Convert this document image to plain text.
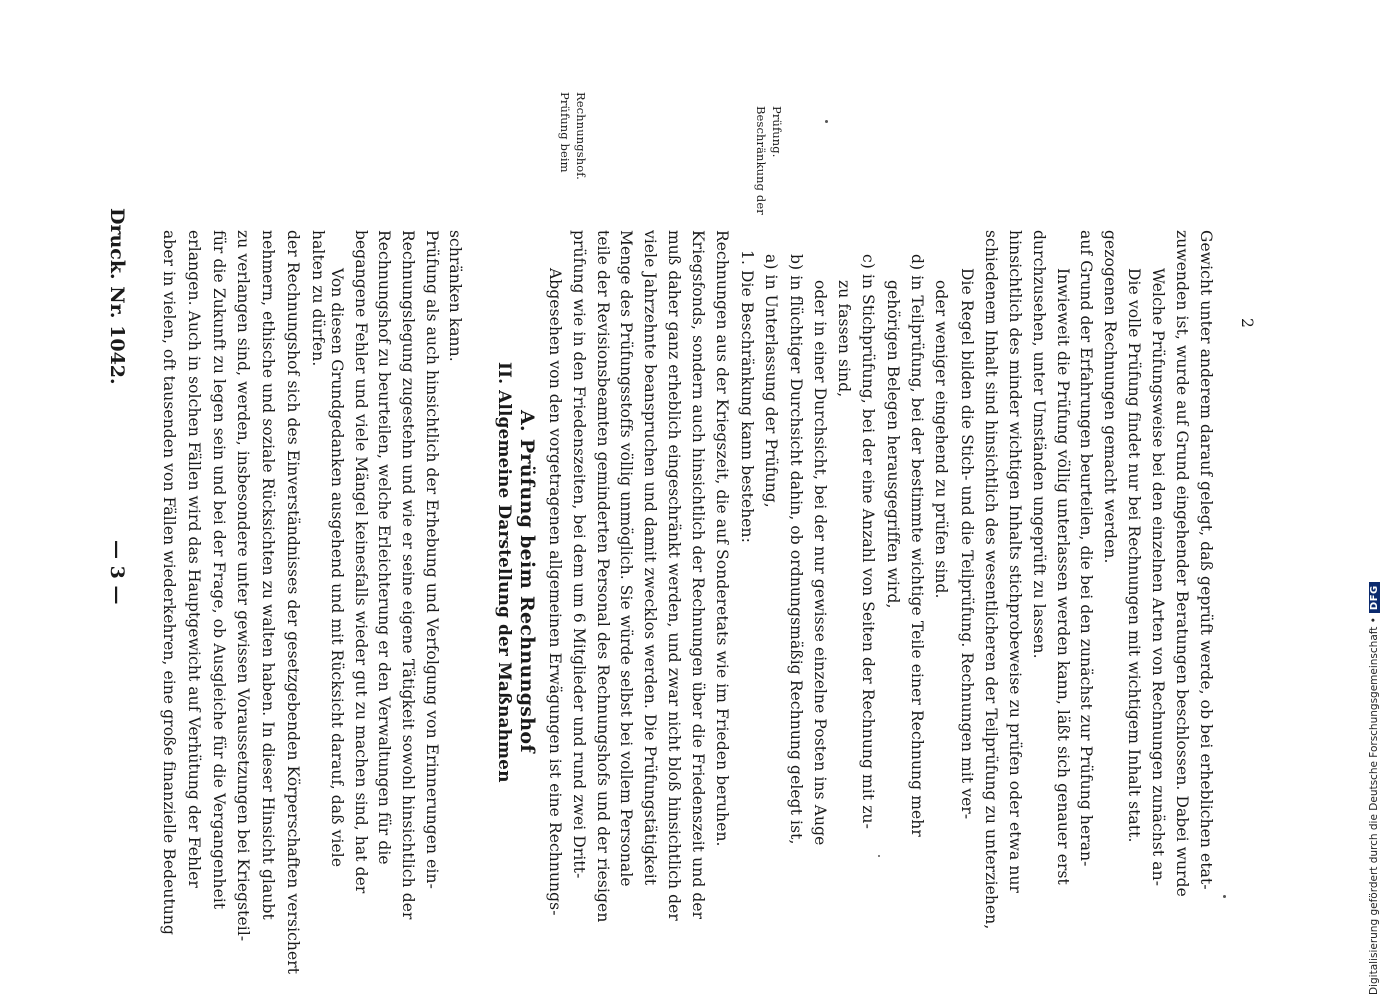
— 3 —
Druck. Nr. 1042. aber in vielen, oft tausenden von Fällen wiederkehren, eine große finanzielle Bedeutung erlangen. Auch in solchen Fällen wird das Hauptgewicht auf Verhütung der Fehler für die Zukunft zu legen sein und bei der Frage, ob Ausgleiche für die Vergangenheit zu verlangen sind, werden, insbesondere unter gewissen Voraussetzungen bei Kriegsteil- nehmern, ethische und soziale Rücksichten zu walten haben. In dieser Hinsicht glaubt der Rechnungshof sich des Einverständnisses der gesetzgebenden Körperschaften versichert halten zu dürfen. Von diesen Grundgedanken ausgehend und mit Rücksicht darauf, daß viele begangene Fehler und viele Mängel keinesfalls wieder gut zu machen sind, hat der Rechnungshof zu beurteilen, welche Erleichterung er den Verwaltungen für die Rechnungslegung zugestehn und wie er seine eigene Tätigkeit sowohl hinsichtlich der Prüfung als auch hinsichtlich der Erhebung und Verfolgung von Erinnerungen ein- schränken kann.
II. Allgemeine Darstellung der Maßnahmen A. Prüfung beim Rechnungshof Abgesehen von den vorgetragenen allgemeinen Erwägungen ist eine Rechnungs- prüfung wie in den Friedenszeiten, bei dem um 6 Mitglieder und rund zwei Dritt- teile der Revisionsbeamten geminderten Personal des Rechnungshofs und der riesigen Menge des Prüfungsstoffs völlig unmöglich. Sie würde selbst bei vollem Personale viele Jahrzehnte beanspruchen und damit zwecklos werden. Die Prüfungstätigkeit muß daher ganz erheblich eingeschränkt werden, und zwar nicht bloß hinsichtlich der Kriegsfonds, sondern auch hinsichtlich der Rechnungen über die Friedenszeit und der Rechnungen aus der Kriegszeit, die auf Sonderetats wie im Frieden beruhen. 1. Die Beschränkung kann bestehen: a) in Unterlassung der Prüfung, b) in flüchtiger Durchsicht dahin, ob ordnungsmäßig Rechnung gelegt ist, oder in einer Durchsicht, bei der nur gewisse einzelne Posten ins Auge zu fassen sind, c) in Stichprüfung, bei der eine Anzahl von Seiten der Rechnung mit zu- gehörigen Belegen herausgegriffen wird, d) in Teilprüfung, bei der bestimmte wichtige Teile einer Rechnung mehr oder weniger eingehend zu prüfen sind. Die Regel bilden die Stich- und die Teilprüfung. Rechnungen mit ver- schiedenem Inhalt sind hinsichtlich des wesentlicheren der Teilprüfung zu unterziehen, hinsichtlich des minder wichtigen Inhalts stichprobeweise zu prüfen oder etwa nur durchzusehen, unter Umständen ungeprüft zu lassen. Inwieweit die Prüfung völlig unterlassen werden kann, läßt sich genauer erst auf Grund der Erfahrungen beurteilen, die bei den zunächst zur Prüfung heran- gezogenen Rechnungen gemacht werden. Die volle Prüfung findet nur bei Rechnungen mit wichtigem Inhalt statt. Welche Prüfungsweise bei den einzelnen Arten von Rechnungen zunächst an- zuwenden ist, wurde auf Grund eingehender Beratungen beschlossen. Dabei wurde Gewicht unter anderem darauf gelegt, daß geprüft werde, ob bei erheblichen etat-
Prüfung beim Rechnungshof.	Beschränkung der Prüfung.
2
Digitalisierung gefördert durch die Deutsche Forschungsgemeinschaft •DFG
